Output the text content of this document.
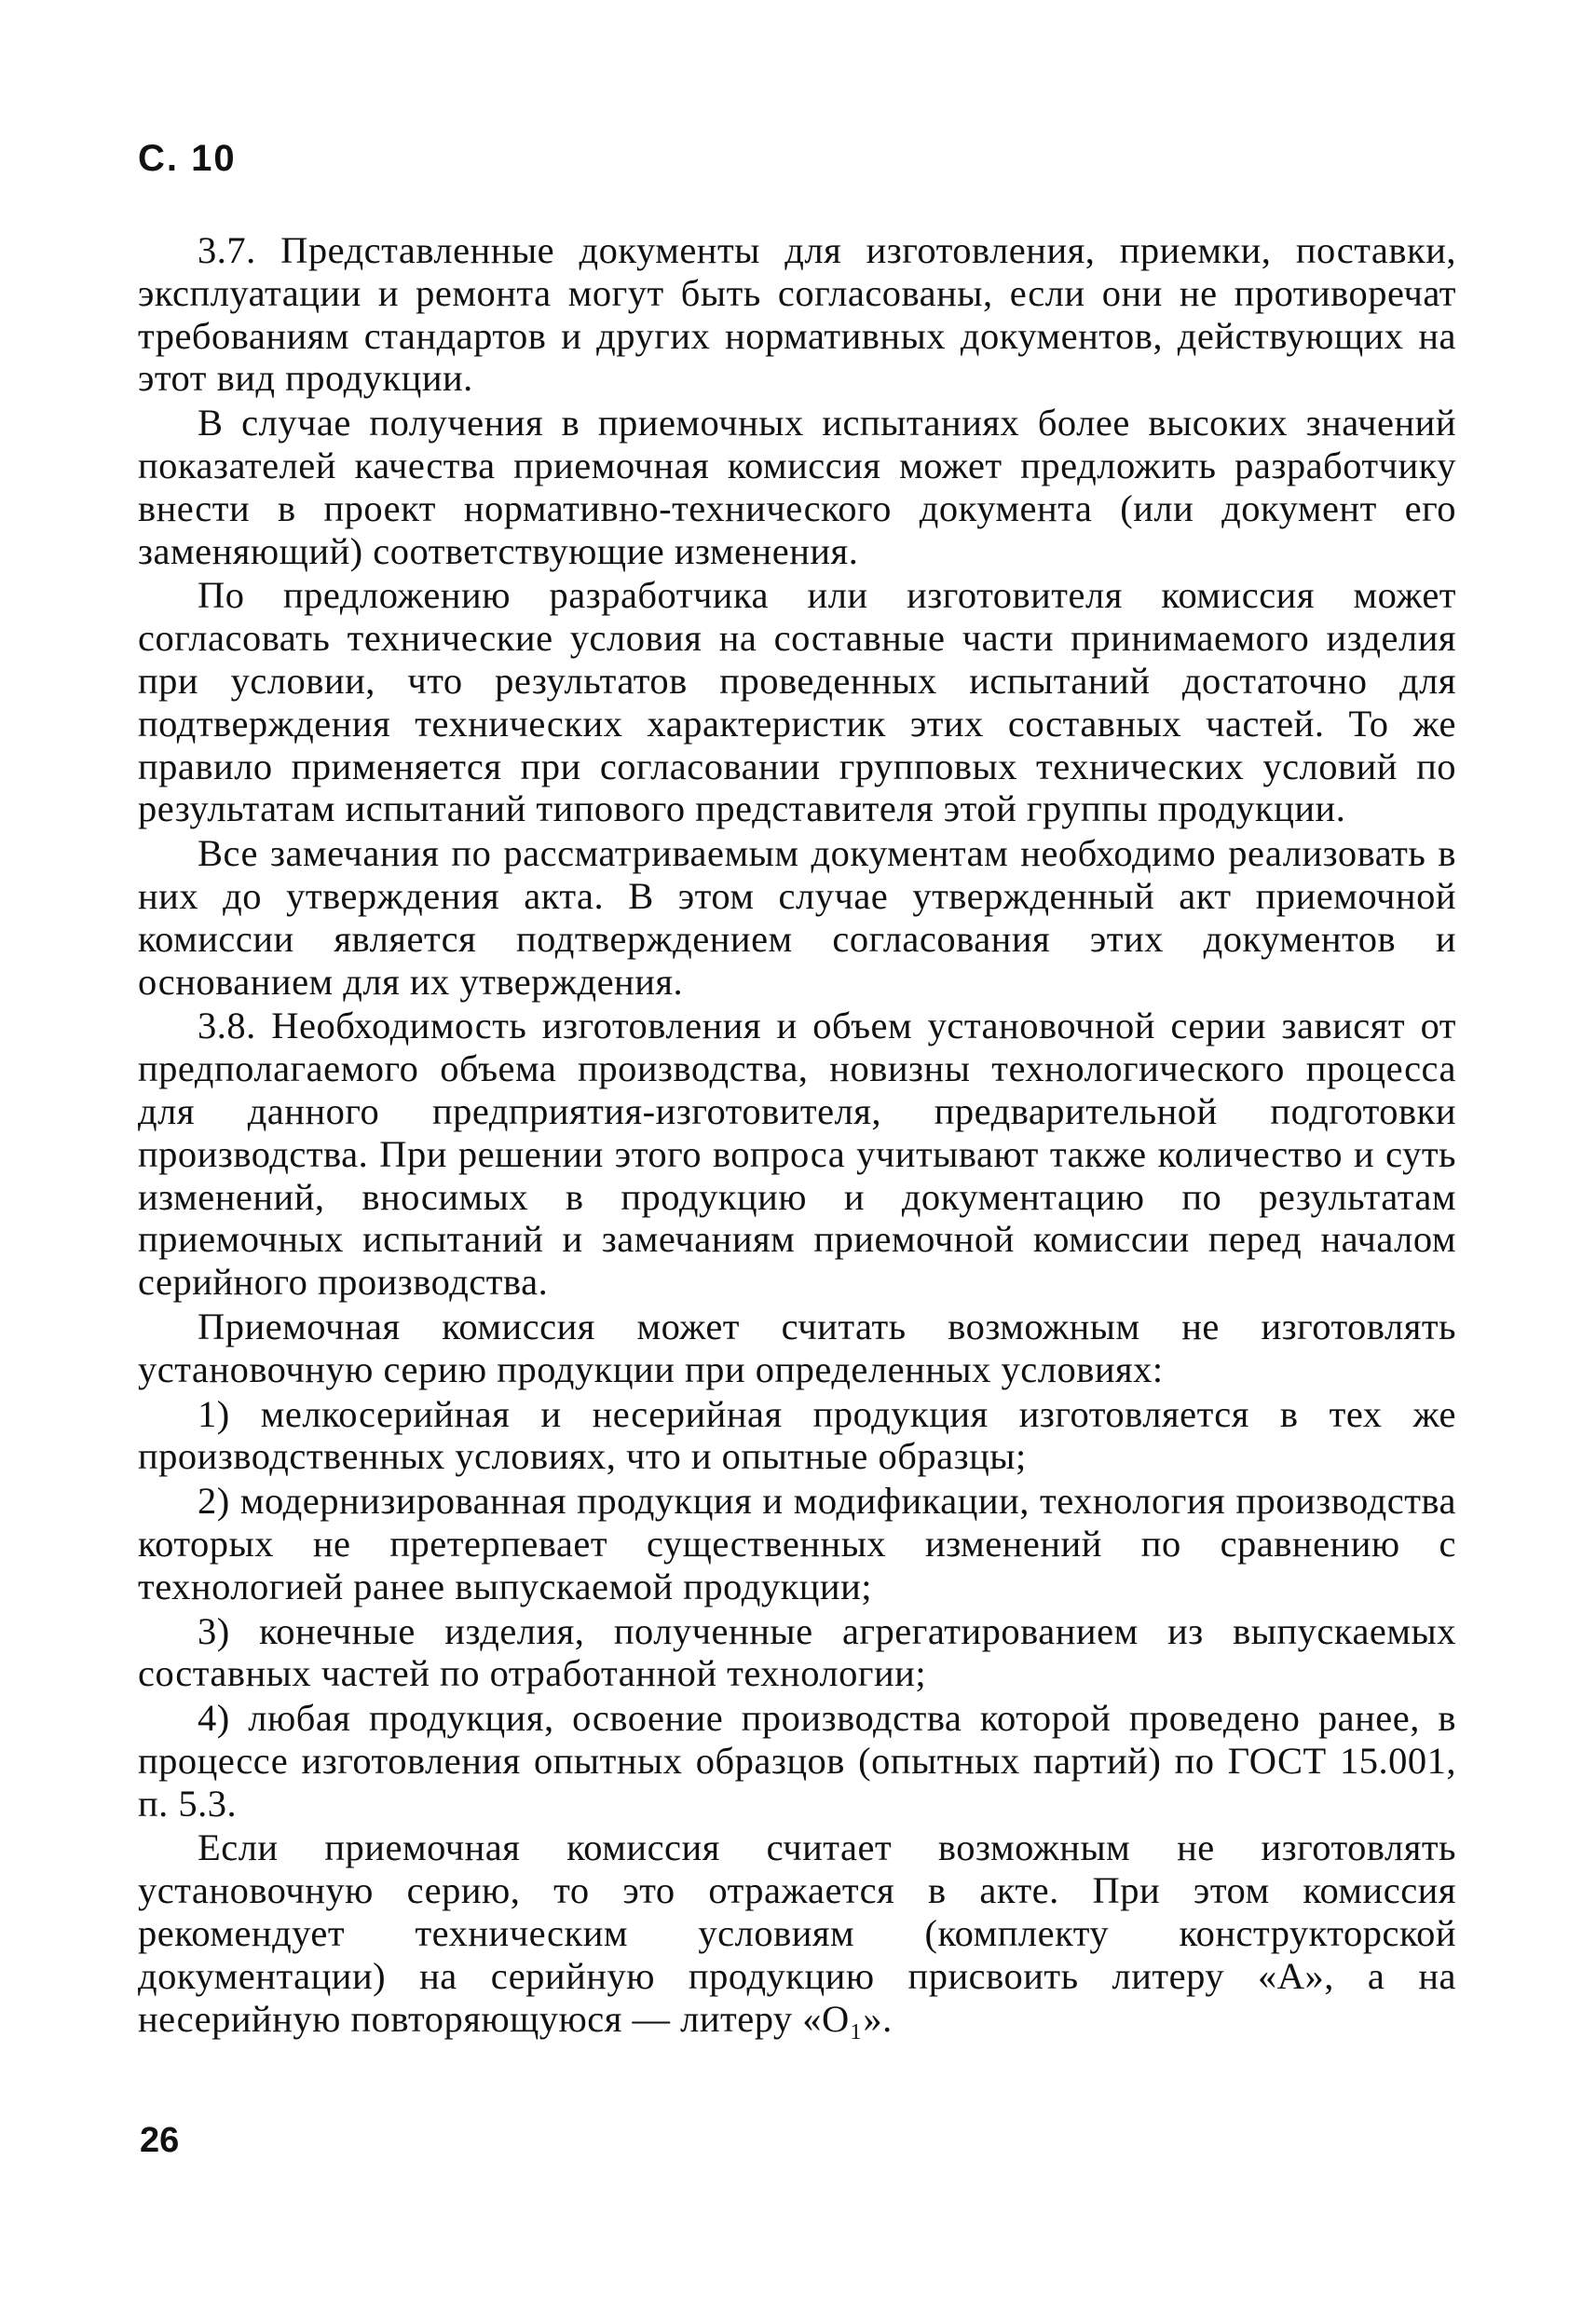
С. 10

3.7. Представленные документы для изготовления, приемки, поставки, эксплуатации и ремонта могут быть согласованы, если они не противоречат требованиям стандартов и других нормативных документов, действующих на этот вид продукции.

В случае получения в приемочных испытаниях более высоких значений показателей качества приемочная комиссия может предложить разработчику внести в проект нормативно-технического документа (или документ его заменяющий) соответствующие изменения.

По предложению разработчика или изготовителя комиссия может согласовать технические условия на составные части принимаемого изделия при условии, что результатов проведенных испытаний достаточно для подтверждения технических характеристик этих составных частей. То же правило применяется при согласовании групповых технических условий по результатам испытаний типового представителя этой группы продукции.

Все замечания по рассматриваемым документам необходимо реализовать в них до утверждения акта. В этом случае утвержденный акт приемочной комиссии является подтверждением согласования этих документов и основанием для их утверждения.

3.8. Необходимость изготовления и объем установочной серии зависят от предполагаемого объема производства, новизны технологического процесса для данного предприятия-изготовителя, предварительной подготовки производства. При решении этого вопроса учитывают также количество и суть изменений, вносимых в продукцию и документацию по результатам приемочных испытаний и замечаниям приемочной комиссии перед началом серийного производства.

Приемочная комиссия может считать возможным не изготовлять установочную серию продукции при определенных условиях:

1) мелкосерийная и несерийная продукция изготовляется в тех же производственных условиях, что и опытные образцы;

2) модернизированная продукция и модификации, технология производства которых не претерпевает существенных изменений по сравнению с технологией ранее выпускаемой продукции;

3) конечные изделия, полученные агрегатированием из выпускаемых составных частей по отработанной технологии;

4) любая продукция, освоение производства которой проведено ранее, в процессе изготовления опытных образцов (опытных партий) по ГОСТ 15.001, п. 5.3.

Если приемочная комиссия считает возможным не изготовлять установочную серию, то это отражается в акте. При этом комиссия рекомендует техническим условиям (комплекту конструкторской документации) на серийную продукцию присвоить литеру «А», а на несерийную повторяющуюся — литеру «О₁».

26
